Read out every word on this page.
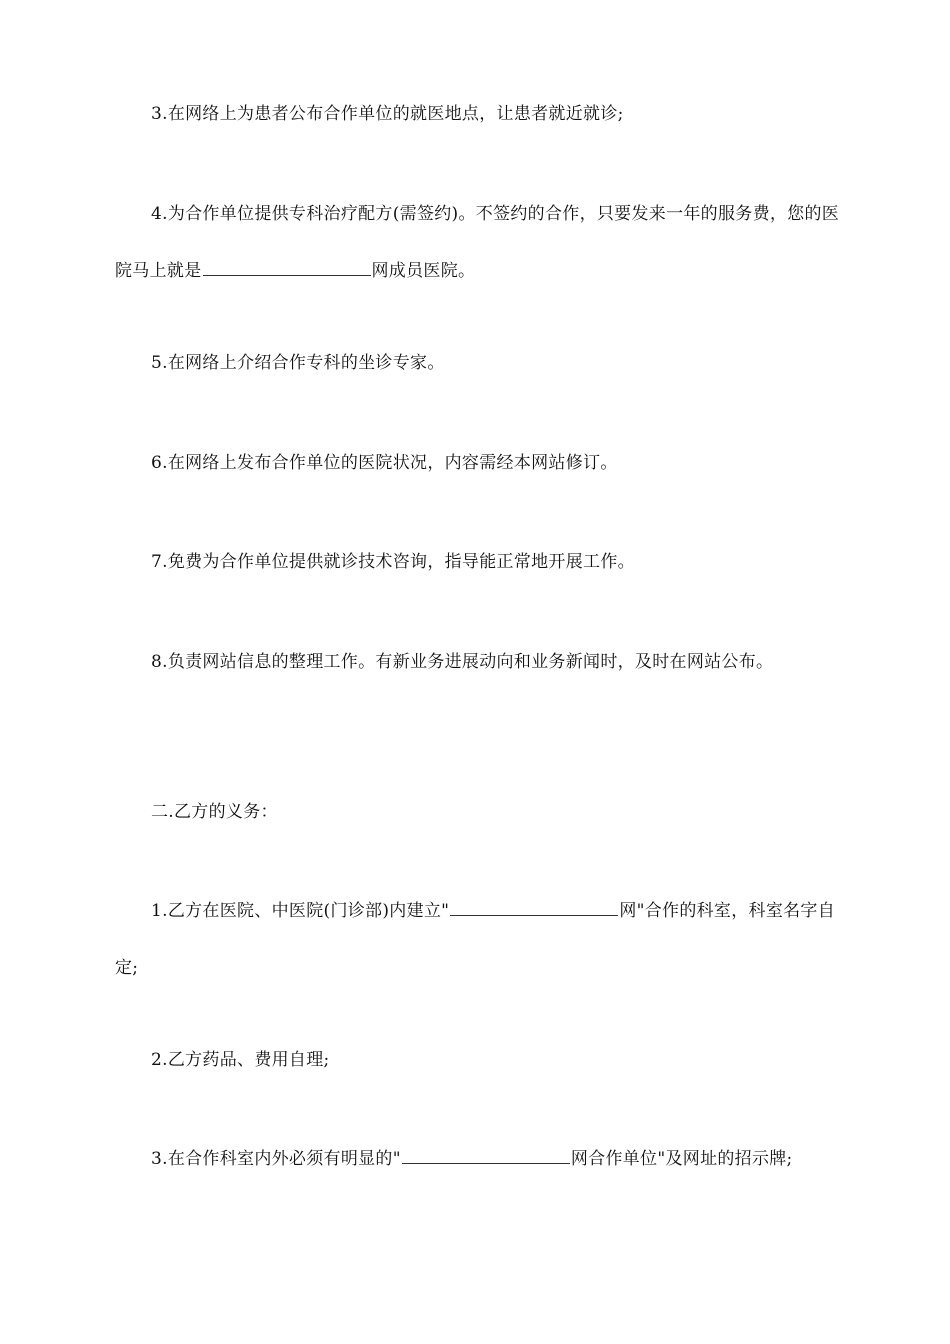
3.在网络上为患者公布合作单位的就医地点，让患者就近就诊;

4.为合作单位提供专科治疗配方(需签约)。不签约的合作，只要发来一年的服务费，您的医院马上就是	网成员医院。

5.在网络上介绍合作专科的坐诊专家。

6.在网络上发布合作单位的医院状况，内容需经本网站修订。

7.免费为合作单位提供就诊技术咨询，指导能正常地开展工作。

8.负责网站信息的整理工作。有新业务进展动向和业务新闻时，及时在网站公布。

二.乙方的义务：

1.乙方在医院、中医院(门诊部)内建立"	网"合作的科室，科室名字自定;

2.乙方药品、费用自理;

3.在合作科室内外必须有明显的"	网合作单位"及网址的招示牌;
